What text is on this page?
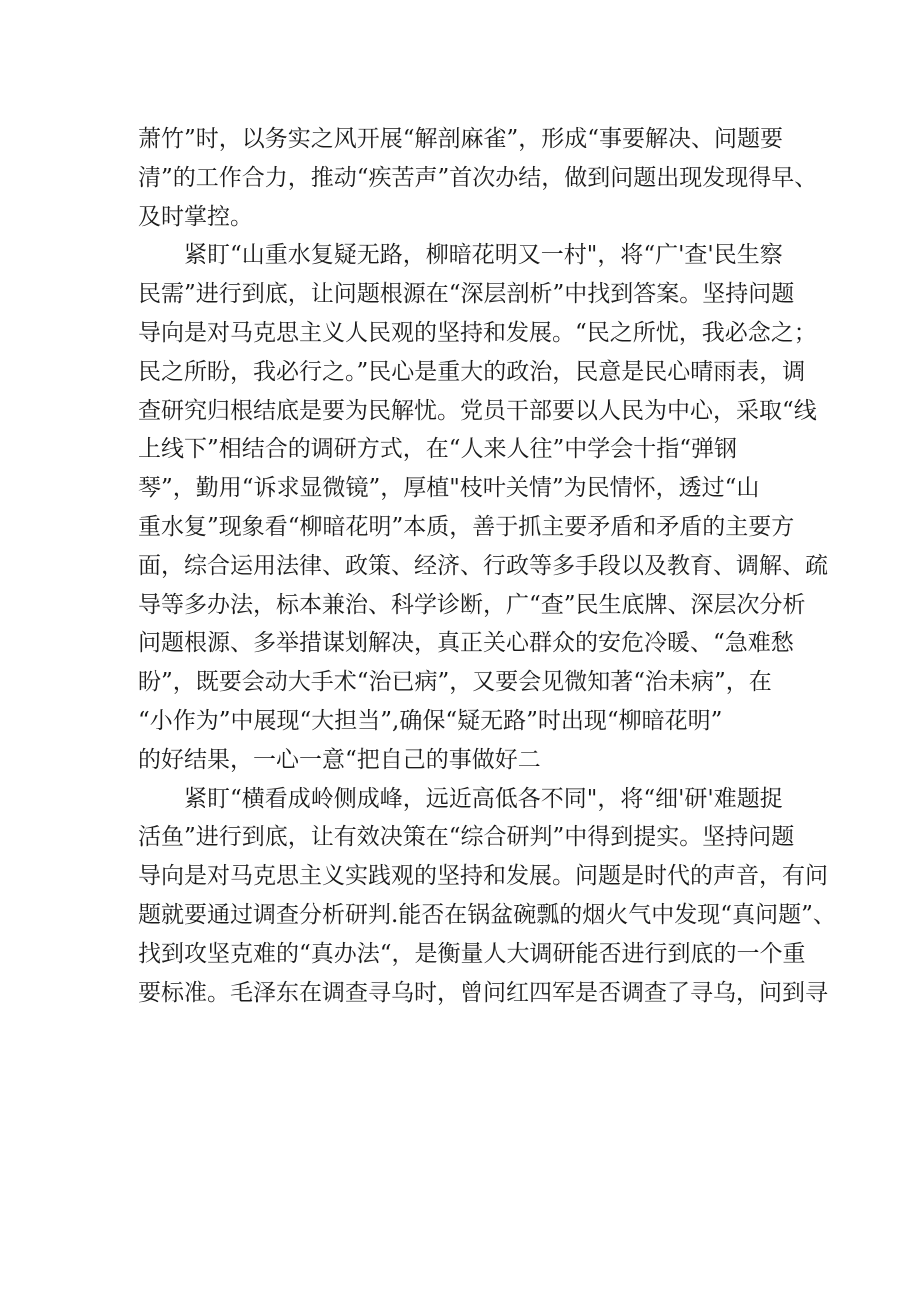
萧竹”时，以务实之风开展“解剖麻雀”，形成“事要解决、问题要
清”的工作合力，推动“疾苦声”首次办结，做到问题出现发现得早、
及时掌控。
紧盯“山重水复疑无路，柳暗花明又一村"，将“广'查'民生察
民需”进行到底，让问题根源在“深层剖析”中找到答案。坚持问题
导向是对马克思主义人民观的坚持和发展。“民之所忧，我必念之；
民之所盼，我必行之。”民心是重大的政治，民意是民心晴雨表，调
查研究归根结底是要为民解忧。党员干部要以人民为中心，采取“线
上线下”相结合的调研方式，在“人来人往”中学会十指“弹钢
琴”，勤用“诉求显微镜”，厚植"枝叶关情”为民情怀，透过“山
重水复”现象看“柳暗花明”本质，善于抓主要矛盾和矛盾的主要方
面，综合运用法律、政策、经济、行政等多手段以及教育、调解、疏
导等多办法，标本兼治、科学诊断，广“查”民生底牌、深层次分析
问题根源、多举措谋划解决，真正关心群众的安危冷暖、“急难愁
盼”，既要会动大手术“治已病”，又要会见微知著“治未病”，在
“小作为”中展现“大担当”,确保“疑无路”时出现“柳暗花明”
的好结果，一心一意“把自己的事做好二
紧盯“横看成岭侧成峰，远近高低各不同"，将“细'研'难题捉
活鱼”进行到底，让有效决策在“综合研判”中得到提实。坚持问题
导向是对马克思主义实践观的坚持和发展。问题是时代的声音，有问
题就要通过调查分析研判.能否在锅盆碗瓢的烟火气中发现“真问题”、
找到攻坚克难的“真办法“，是衡量人大调研能否进行到底的一个重
要标准。毛泽东在调查寻乌时，曾问红四军是否调查了寻乌，问到寻
